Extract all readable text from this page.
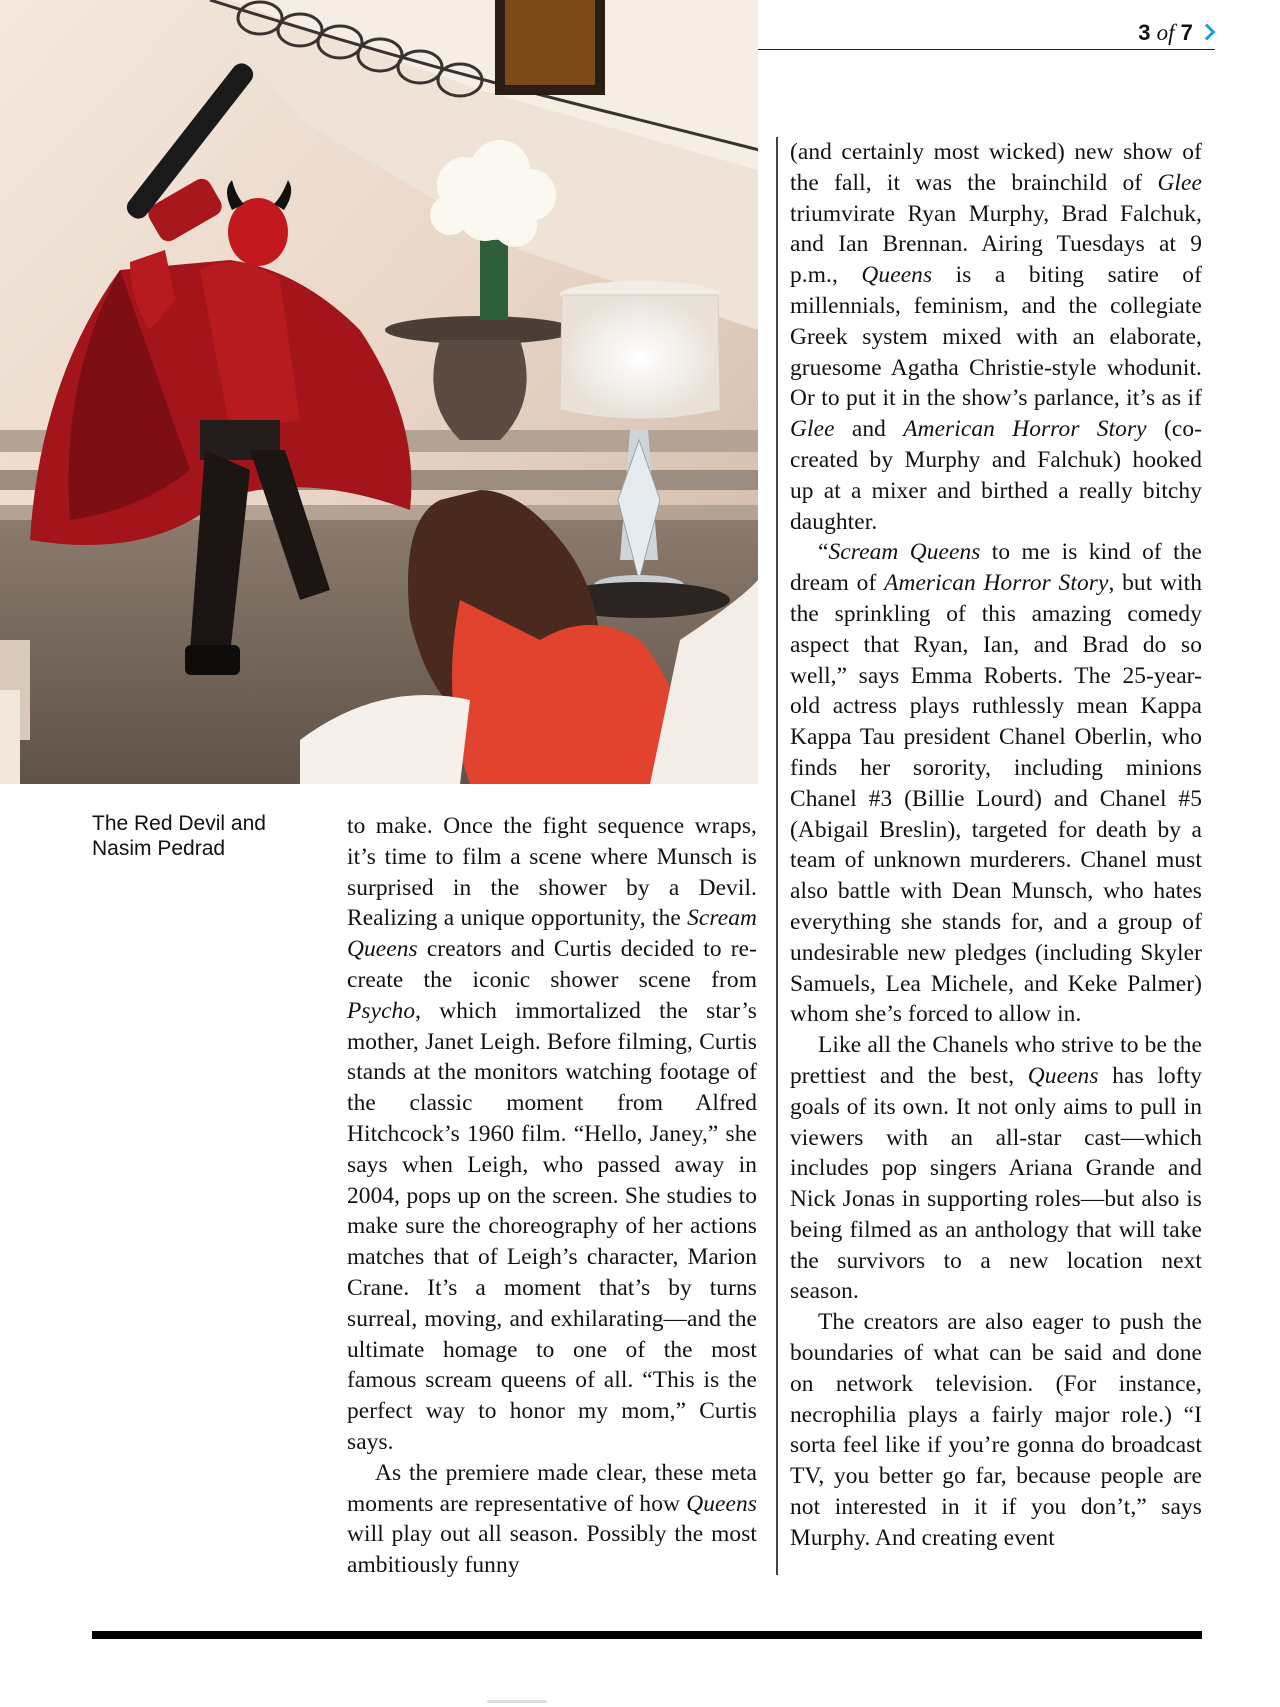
3 of 7
The Red Devil and
Nasim Pedrad

to make. Once the fight sequence wraps, it’s time to film a scene where Munsch is surprised in the shower by a Devil. Realizing a unique opportunity, the Scream Queens creators and Curtis decided to re-create the iconic shower scene from Psycho, which immortalized the star’s mother, Janet Leigh. Before filming, Curtis stands at the monitors watching footage of the classic moment from Alfred Hitchcock’s 1960 film. “Hello, Janey,” she says when Leigh, who passed away in 2004, pops up on the screen. She studies to make sure the choreography of her actions matches that of Leigh’s character, Marion Crane. It’s a moment that’s by turns surreal, moving, and exhilarating—and the ultimate homage to one of the most famous scream queens of all. “This is the perfect way to honor my mom,” Curtis says.

As the premiere made clear, these meta moments are representative of how Queens will play out all season. Possibly the most ambitiously funny

(and certainly most wicked) new show of the fall, it was the brainchild of Glee triumvirate Ryan Murphy, Brad Falchuk, and Ian Brennan. Airing Tuesdays at 9 p.m., Queens is a biting satire of millennials, feminism, and the collegiate Greek system mixed with an elaborate, gruesome Agatha Christie-style whodunit. Or to put it in the show’s parlance, it’s as if Glee and American Horror Story (co-created by Murphy and Falchuk) hooked up at a mixer and birthed a really bitchy daughter.

“Scream Queens to me is kind of the dream of American Horror Story, but with the sprinkling of this amazing comedy aspect that Ryan, Ian, and Brad do so well,” says Emma Roberts. The 25-year-old actress plays ruthlessly mean Kappa Kappa Tau president Chanel Oberlin, who finds her sorority, including minions Chanel #3 (Billie Lourd) and Chanel #5 (Abigail Breslin), targeted for death by a team of unknown murderers. Chanel must also battle with Dean Munsch, who hates everything she stands for, and a group of undesirable new pledges (including Skyler Samuels, Lea Michele, and Keke Palmer) whom she’s forced to allow in.

Like all the Chanels who strive to be the prettiest and the best, Queens has lofty goals of its own. It not only aims to pull in viewers with an all-star cast—which includes pop singers Ariana Grande and Nick Jonas in supporting roles—but also is being filmed as an anthology that will take the survivors to a new location next season.

The creators are also eager to push the boundaries of what can be said and done on network television. (For instance, necrophilia plays a fairly major role.) “I sorta feel like if you’re gonna do broadcast TV, you better go far, because people are not interested in it if you don’t,” says Murphy. And creating event
